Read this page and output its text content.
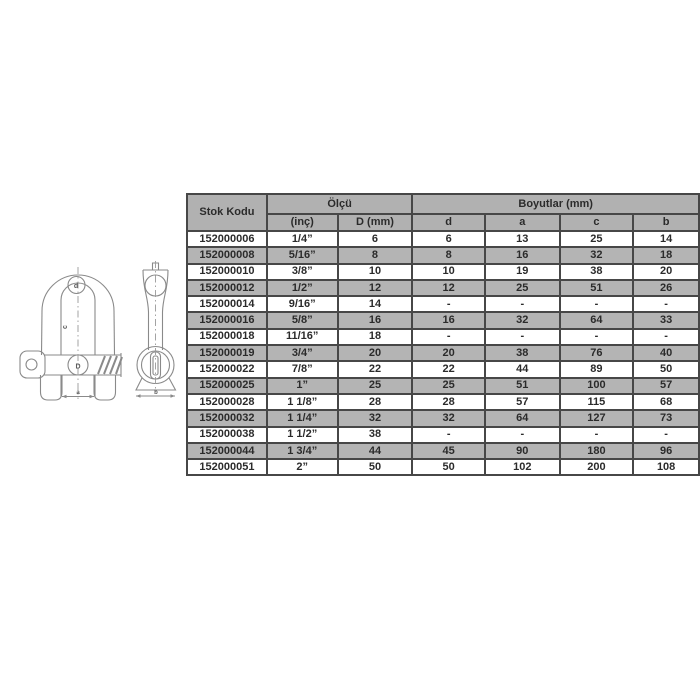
a
d
D
c
b
Stok Kodu	Ölçü		Boyutlar (mm)			
	(inç)	D (mm)	d	a	c	b
152000006	1/4”	6	6	13	25	14
152000008	5/16”	8	8	16	32	18
152000010	3/8”	10	10	19	38	20
152000012	1/2”	12	12	25	51	26
152000014	9/16”	14	-	-	-	-
152000016	5/8”	16	16	32	64	33
152000018	11/16”	18	-	-	-	-
152000019	3/4”	20	20	38	76	40
152000022	7/8”	22	22	44	89	50
152000025	1”	25	25	51	100	57
152000028	1 1/8”	28	28	57	115	68
152000032	1 1/4”	32	32	64	127	73
152000038	1 1/2”	38	-	-	-	-
152000044	1 3/4”	44	45	90	180	96
152000051	2”	50	50	102	200	108
